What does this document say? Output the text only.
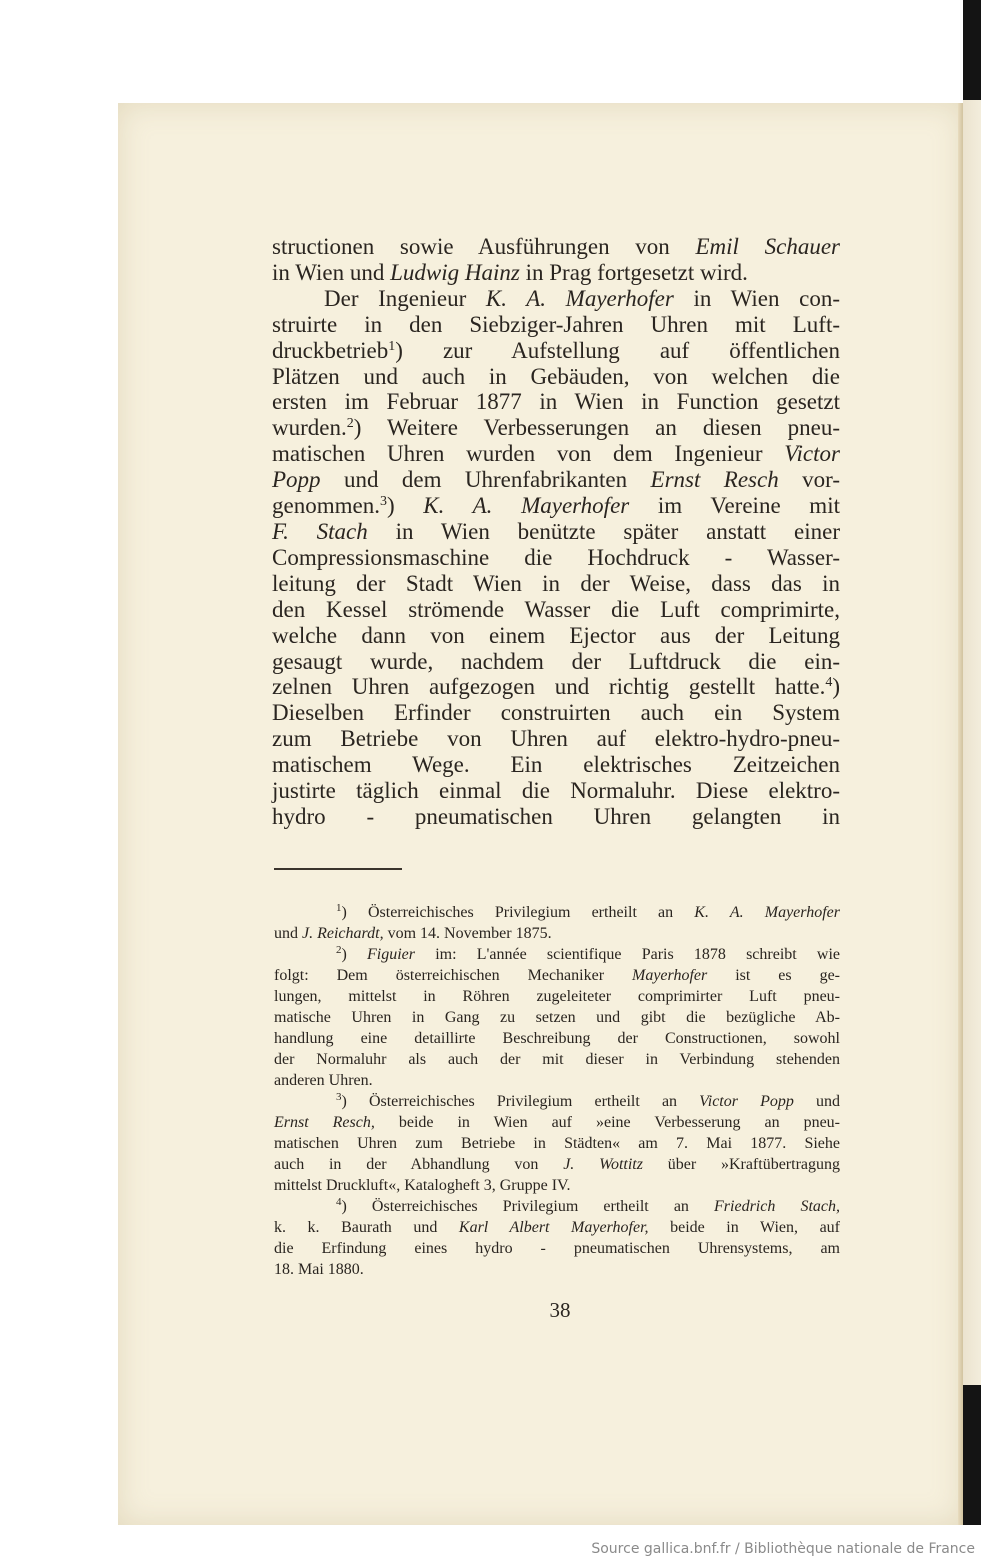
structionen sowie Ausführungen von Emil Schauer
in Wien und Ludwig Hainz in Prag fortgesetzt wird.
Der Ingenieur K. A. Mayerhofer in Wien con-
struirte in den Siebziger-Jahren Uhren mit Luft-
druckbetrieb$^1$) zur Aufstellung auf öffentlichen
Plätzen und auch in Gebäuden, von welchen die
ersten im Februar 1877 in Wien in Function gesetzt
wurden.$^2$) Weitere Verbesserungen an diesen pneu-
matischen Uhren wurden von dem Ingenieur Victor
Popp und dem Uhrenfabrikanten Ernst Resch vor-
genommen.$^3$) K. A. Mayerhofer im Vereine mit
F. Stach in Wien benützte später anstatt einer
Compressionsmaschine die Hochdruck - Wasser-
leitung der Stadt Wien in der Weise, dass das in
den Kessel strömende Wasser die Luft comprimirte,
welche dann von einem Ejector aus der Leitung
gesaugt wurde, nachdem der Luftdruck die ein-
zelnen Uhren aufgezogen und richtig gestellt hatte.$^4$)
Dieselben Erfinder construirten auch ein System
zum Betriebe von Uhren auf elektro-hydro-pneu-
matischem Wege. Ein elektrisches Zeitzeichen
justirte täglich einmal die Normaluhr. Diese elektro-
hydro - pneumatischen Uhren gelangten in
$^1$) Österreichisches Privilegium ertheilt an K. A. Mayerhofer
und J. Reichardt, vom 14. November 1875.
$^2$) Figuier im: L'année scientifique Paris 1878 schreibt wie
folgt: Dem österreichischen Mechaniker Mayerhofer ist es ge-
lungen, mittelst in Röhren zugeleiteter comprimirter Luft pneu-
matische Uhren in Gang zu setzen und gibt die bezügliche Ab-
handlung eine detaillirte Beschreibung der Constructionen, sowohl
der Normaluhr als auch der mit dieser in Verbindung stehenden
anderen Uhren.
$^3$) Österreichisches Privilegium ertheilt an Victor Popp und
Ernst Resch, beide in Wien auf »eine Verbesserung an pneu-
matischen Uhren zum Betriebe in Städten« am 7. Mai 1877. Siehe
auch in der Abhandlung von J. Wottitz über »Kraftübertragung
mittelst Druckluft«, Katalogheft 3, Gruppe IV.
$^4$) Österreichisches Privilegium ertheilt an Friedrich Stach,
k. k. Baurath und Karl Albert Mayerhofer, beide in Wien, auf
die Erfindung eines hydro - pneumatischen Uhrensystems, am
18. Mai 1880.
38
Source gallica.bnf.fr / Bibliothèque nationale de France
